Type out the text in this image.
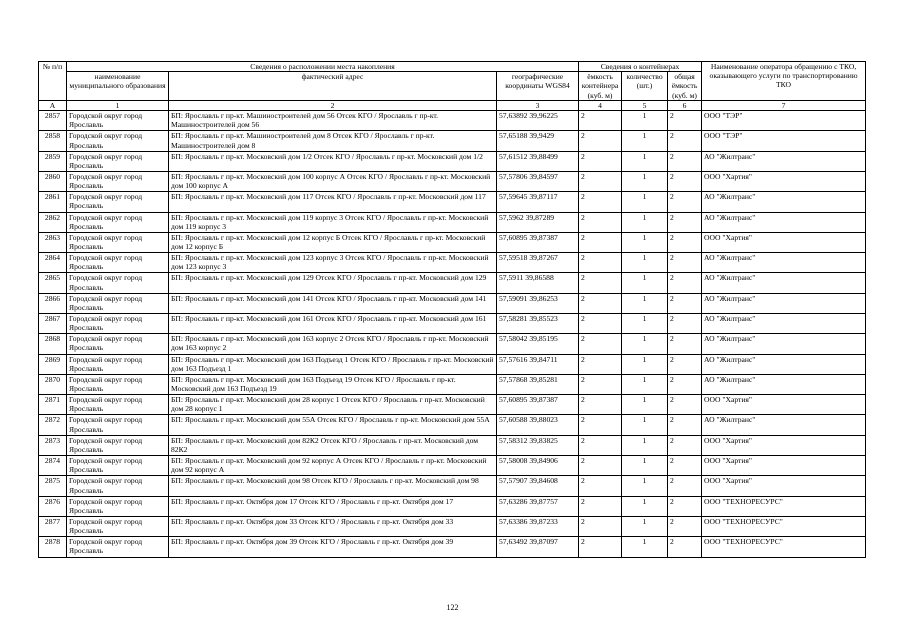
№ п/п	Сведения о расположении места накопления			Сведения о контейнерах			Наименование оператора обращению с ТКО, оказывающего услуги по транспортированию ТКО
	наименование муниципального образования	фактический адрес	географические координаты WGS84	ёмкость контейнера (куб. м)	количество (шт.)	общая ёмкость (куб. м)	
А	1	2	3	4	5	6	7
2857	Городской округ город Ярославль	БП: Ярославль г пр-кт. Машиностроителей дом 56 Отсек КГО / Ярославль г пр-кт. Машиностроителей дом 56	57,63892 39,96225	2	1	2	ООО "ТЭР"
2858	Городской округ город Ярославль	БП: Ярославль г пр-кт. Машиностроителей дом 8 Отсек КГО / Ярославль г пр-кт. Машиностроителей дом 8	57,65188 39,9429	2	1	2	ООО "ТЭР"
2859	Городской округ город Ярославль	БП: Ярославль г пр-кт. Московский дом 1/2 Отсек КГО / Ярославль г пр-кт. Московский дом 1/2	57,61512 39,88499	2	1	2	АО "Жилтранс"
2860	Городской округ город Ярославль	БП: Ярославль г пр-кт. Московский дом 100 корпус А Отсек КГО / Ярославль г пр-кт. Московский дом 100 корпус А	57,57806 39,84597	2	1	2	ООО "Хартия"
2861	Городской округ город Ярославль	БП: Ярославль г пр-кт. Московский дом 117 Отсек КГО / Ярославль г пр-кт. Московский дом 117	57,59645 39,87117	2	1	2	АО "Жилтранс"
2862	Городской округ город Ярославль	БП: Ярославль г пр-кт. Московский дом 119 корпус 3 Отсек КГО / Ярославль г пр-кт. Московский дом 119 корпус 3	57,5962 39,87289	2	1	2	АО "Жилтранс"
2863	Городской округ город Ярославль	БП: Ярославль г пр-кт. Московский дом 12 корпус Б Отсек КГО / Ярославль г пр-кт. Московский дом 12 корпус Б	57,60895 39,87387	2	1	2	ООО "Хартия"
2864	Городской округ город Ярославль	БП: Ярославль г пр-кт. Московский дом 123 корпус 3 Отсек КГО / Ярославль г пр-кт. Московский дом 123 корпус 3	57,59518 39,87267	2	1	2	АО "Жилтранс"
2865	Городской округ город Ярославль	БП: Ярославль г пр-кт. Московский дом 129 Отсек КГО / Ярославль г пр-кт. Московский дом 129	57,5911 39,86588	2	1	2	АО "Жилтранс"
2866	Городской округ город Ярославль	БП: Ярославль г пр-кт. Московский дом 141 Отсек КГО / Ярославль г пр-кт. Московский дом 141	57,59091 39,86253	2	1	2	АО "Жилтранс"
2867	Городской округ город Ярославль	БП: Ярославль г пр-кт. Московский дом 161 Отсек КГО / Ярославль г пр-кт. Московский дом 161	57,58281 39,85523	2	1	2	АО "Жилтранс"
2868	Городской округ город Ярославль	БП: Ярославль г пр-кт. Московский дом 163 корпус 2 Отсек КГО / Ярославль г пр-кт. Московский дом 163 корпус 2	57,58042 39,85195	2	1	2	АО "Жилтранс"
2869	Городской округ город Ярославль	БП: Ярославль г пр-кт. Московский дом 163 Подъезд 1 Отсек КГО / Ярославль г пр-кт. Московский дом 163 Подъезд 1	57,57616 39,84711	2	1	2	АО "Жилтранс"
2870	Городской округ город Ярославль	БП: Ярославль г пр-кт. Московский дом 163 Подъезд 19 Отсек КГО / Ярославль г пр-кт. Московский дом 163 Подъезд 19	57,57868 39,85281	2	1	2	АО "Жилтранс"
2871	Городской округ город Ярославль	БП: Ярославль г пр-кт. Московский дом 28 корпус 1 Отсек КГО / Ярославль г пр-кт. Московский дом 28 корпус 1	57,60895 39,87387	2	1	2	ООО "Хартия"
2872	Городской округ город Ярославль	БП: Ярославль г пр-кт. Московский дом 55А Отсек КГО / Ярославль г пр-кт. Московский дом 55А	57,60588 39,88023	2	1	2	АО "Жилтранс"
2873	Городской округ город Ярославль	БП: Ярославль г пр-кт. Московский дом 82К2 Отсек КГО / Ярославль г пр-кт. Московский дом 82К2	57,58312 39,83825	2	1	2	ООО "Хартия"
2874	Городской округ город Ярославль	БП: Ярославль г пр-кт. Московский дом 92 корпус А Отсек КГО / Ярославль г пр-кт. Московский дом 92 корпус А	57,58008 39,84906	2	1	2	ООО "Хартия"
2875	Городской округ город Ярославль	БП: Ярославль г пр-кт. Московский дом 98 Отсек КГО / Ярославль г пр-кт. Московский дом 98	57,57907 39,84608	2	1	2	ООО "Хартия"
2876	Городской округ город Ярославль	БП: Ярославль г пр-кт. Октября дом 17 Отсек КГО / Ярославль г пр-кт. Октября дом 17	57,63286 39,87757	2	1	2	ООО "ТЕХНОРЕСУРС"
2877	Городской округ город Ярославль	БП: Ярославль г пр-кт. Октября дом 33 Отсек КГО / Ярославль г пр-кт. Октября дом 33	57,63386 39,87233	2	1	2	ООО "ТЕХНОРЕСУРС"
2878	Городской округ город Ярославль	БП: Ярославль г пр-кт. Октября дом 39 Отсек КГО / Ярославль г пр-кт. Октября дом 39	57,63492 39,87097	2	1	2	ООО "ТЕХНОРЕСУРС"
122
